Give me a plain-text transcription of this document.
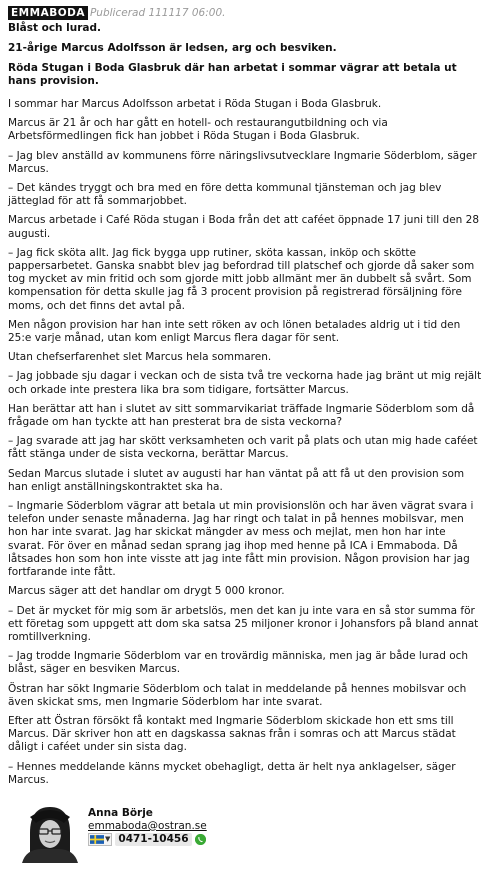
EMMABODA Publicerad 111117 06:00.
Blåst och lurad.
21-årige Marcus Adolfsson är ledsen, arg och besviken.
Röda Stugan i Boda Glasbruk där han arbetat i sommar vägrar att betala ut hans provision.

I sommar har Marcus Adolfsson arbetat i Röda Stugan i Boda Glasbruk.

Marcus är 21 år och har gått en hotell- och restaurangutbildning och via Arbetsförmedlingen fick han jobbet i Röda Stugan i Boda Glasbruk.

– Jag blev anställd av kommunens förre näringslivsutvecklare Ingmarie Söderblom, säger Marcus.

– Det kändes tryggt och bra med en före detta kommunal tjänsteman och jag blev jätteglad för att få sommarjobbet.

Marcus arbetade i Café Röda stugan i Boda från det att caféet öppnade 17 juni till den 28 augusti.

– Jag fick sköta allt. Jag fick bygga upp rutiner, sköta kassan, inköp och skötte pappersarbetet. Ganska snabbt blev jag befordrad till platschef och gjorde då saker som tog mycket av min fritid och som gjorde mitt jobb allmänt mer än dubbelt så svårt. Som kompensation för detta skulle jag få 3 procent provision på registrerad försäljning före moms, och det finns det avtal på.

Men någon provision har han inte sett röken av och lönen betalades aldrig ut i tid den 25:e varje månad, utan kom enligt Marcus flera dagar för sent.

Utan chefserfarenhet slet Marcus hela sommaren.

– Jag jobbade sju dagar i veckan och de sista två tre veckorna hade jag bränt ut mig rejält och orkade inte prestera lika bra som tidigare, fortsätter Marcus.

Han berättar att han i slutet av sitt sommarvikariat träffade Ingmarie Söderblom som då frågade om han tyckte att han presterat bra de sista veckorna?

– Jag svarade att jag har skött verksamheten och varit på plats och utan mig hade caféet fått stänga under de sista veckorna, berättar Marcus.

Sedan Marcus slutade i slutet av augusti har han väntat på att få ut den provision som han enligt anställningskontraktet ska ha.

– Ingmarie Söderblom vägrar att betala ut min provisionslön och har även vägrat svara i telefon under senaste månaderna. Jag har ringt och talat in på hennes mobilsvar, men hon har inte svarat. Jag har skickat mängder av mess och mejlat, men hon har inte svarat. För över en månad sedan sprang jag ihop med henne på ICA i Emmaboda. Då låtsades hon som hon inte visste att jag inte fått min provision. Någon provision har jag fortfarande inte fått.

Marcus säger att det handlar om drygt 5 000 kronor.

– Det är mycket för mig som är arbetslös, men det kan ju inte vara en så stor summa för ett företag som uppgett att dom ska satsa 25 miljoner kronor i Johansfors på bland annat romtillverkning.

– Jag trodde Ingmarie Söderblom var en trovärdig människa, men jag är både lurad och blåst, säger en besviken Marcus.

Östran har sökt Ingmarie Söderblom och talat in meddelande på hennes mobilsvar och även skickat sms, men Ingmarie Söderblom har inte svarat.

Efter att Östran försökt få kontakt med Ingmarie Söderblom skickade hon ett sms till Marcus. Där skriver hon att en dagskassa saknas från i somras och att Marcus städat dåligt i caféet under sin sista dag.

– Hennes meddelande känns mycket obehagligt, detta är helt nya anklagelser, säger Marcus.

Anna Börje
emmaboda@ostran.se
▼ 0471-10456
